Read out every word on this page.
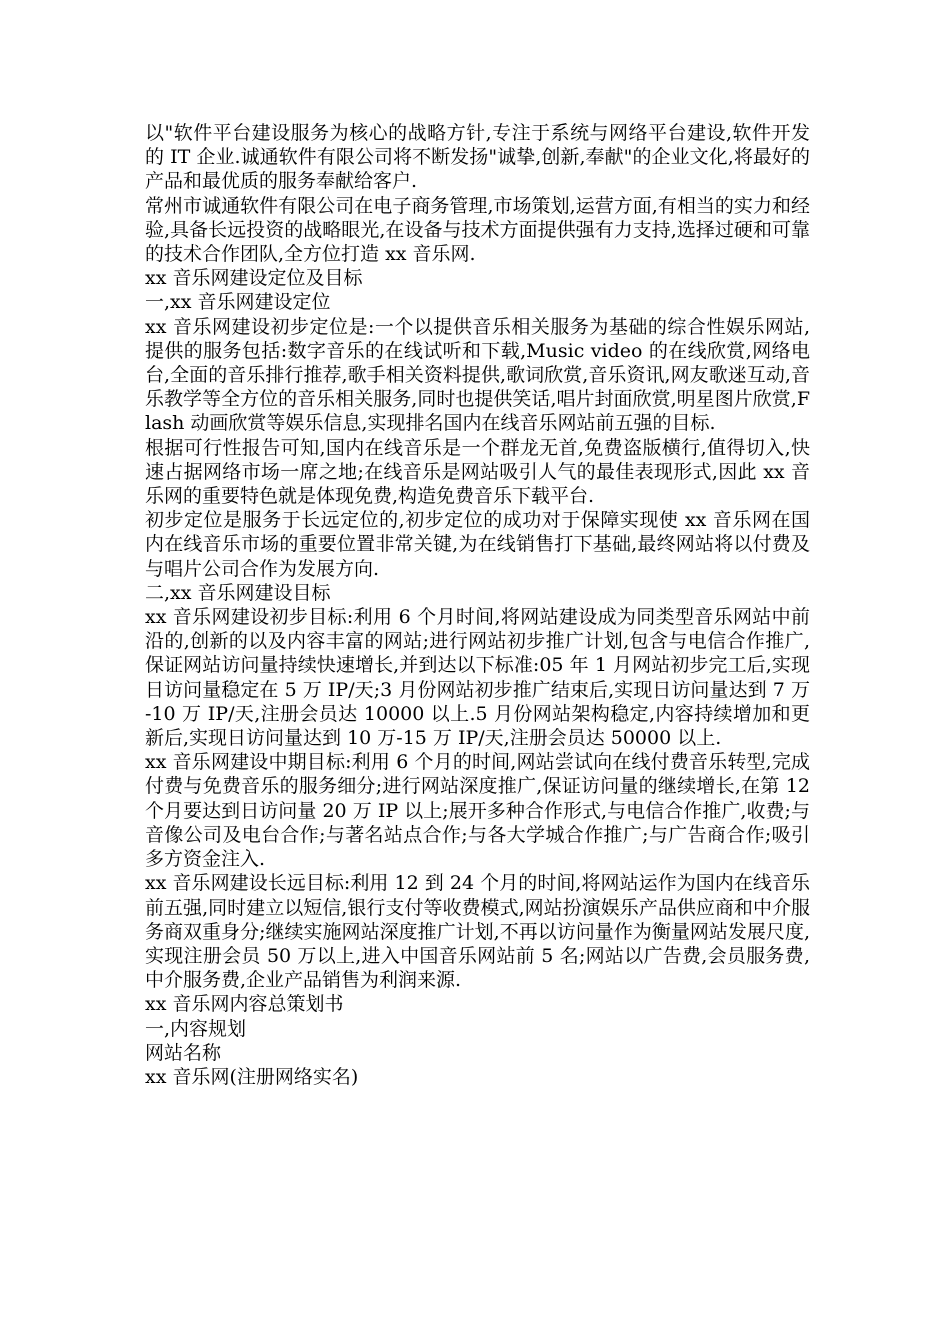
以"软件平台建设服务为核心的战略方针,专注于系统与网络平台建设,软件开发的 IT 企业.诚通软件有限公司将不断发扬"诚挚,创新,奉献"的企业文化,将最好的产品和最优质的服务奉献给客户.

常州市诚通软件有限公司在电子商务管理,市场策划,运营方面,有相当的实力和经验,具备长远投资的战略眼光,在设备与技术方面提供强有力支持,选择过硬和可靠的技术合作团队,全方位打造 xx 音乐网.

xx 音乐网建设定位及目标

一,xx 音乐网建设定位

xx 音乐网建设初步定位是:一个以提供音乐相关服务为基础的综合性娱乐网站,提供的服务包括:数字音乐的在线试听和下载,Music video 的在线欣赏,网络电台,全面的音乐排行推荐,歌手相关资料提供,歌词欣赏,音乐资讯,网友歌迷互动,音乐教学等全方位的音乐相关服务,同时也提供笑话,唱片封面欣赏,明星图片欣赏,Flash 动画欣赏等娱乐信息,实现排名国内在线音乐网站前五强的目标.

根据可行性报告可知,国内在线音乐是一个群龙无首,免费盗版横行,值得切入,快速占据网络市场一席之地;在线音乐是网站吸引人气的最佳表现形式,因此 xx 音乐网的重要特色就是体现免费,构造免费音乐下载平台.

初步定位是服务于长远定位的,初步定位的成功对于保障实现使 xx 音乐网在国内在线音乐市场的重要位置非常关键,为在线销售打下基础,最终网站将以付费及与唱片公司合作为发展方向.

二,xx 音乐网建设目标

xx 音乐网建设初步目标:利用 6 个月时间,将网站建设成为同类型音乐网站中前沿的,创新的以及内容丰富的网站;进行网站初步推广计划,包含与电信合作推广,保证网站访问量持续快速增长,并到达以下标准:05 年 1 月网站初步完工后,实现日访问量稳定在 5 万 IP/天;3 月份网站初步推广结束后,实现日访问量达到 7 万-10 万 IP/天,注册会员达 10000 以上.5 月份网站架构稳定,内容持续增加和更新后,实现日访问量达到 10 万-15 万 IP/天,注册会员达 50000 以上.

xx 音乐网建设中期目标:利用 6 个月的时间,网站尝试向在线付费音乐转型,完成付费与免费音乐的服务细分;进行网站深度推广,保证访问量的继续增长,在第 12 个月要达到日访问量 20 万 IP 以上;展开多种合作形式,与电信合作推广,收费;与音像公司及电台合作;与著名站点合作;与各大学城合作推广;与广告商合作;吸引多方资金注入.

xx 音乐网建设长远目标:利用 12 到 24 个月的时间,将网站运作为国内在线音乐前五强,同时建立以短信,银行支付等收费模式,网站扮演娱乐产品供应商和中介服务商双重身分;继续实施网站深度推广计划,不再以访问量作为衡量网站发展尺度,实现注册会员 50 万以上,进入中国音乐网站前 5 名;网站以广告费,会员服务费,中介服务费,企业产品销售为利润来源.

xx 音乐网内容总策划书

一,内容规划

网站名称

xx 音乐网(注册网络实名)
